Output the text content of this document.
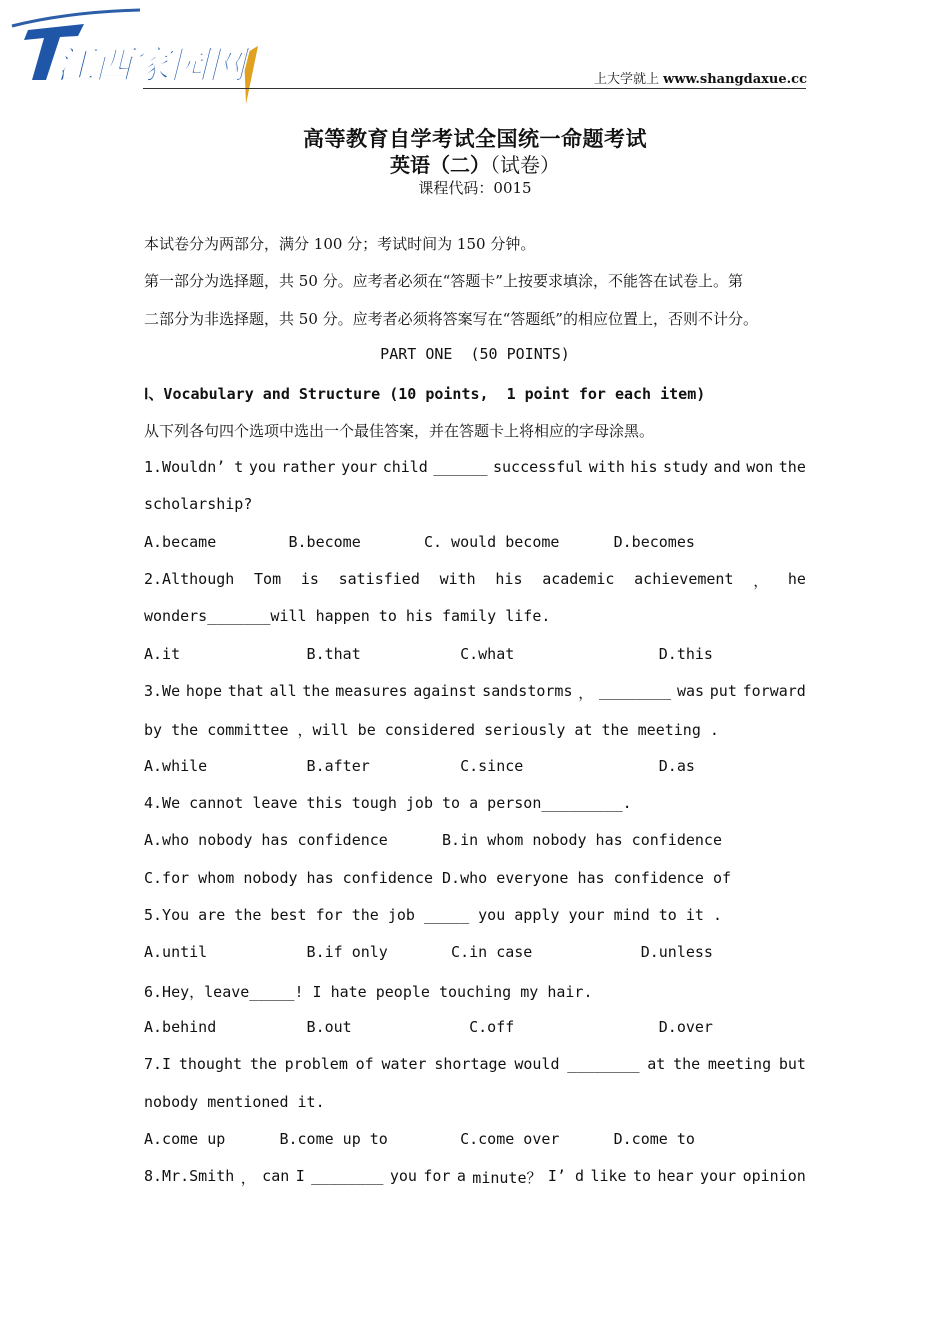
江西家园网	上大学就上 www.shangdaxue.cc
高等教育自学考试全国统一命题考试
英语（二）（试卷）
课程代码：0015
本试卷分为两部分，满分 100 分；考试时间为 150 分钟。
第一部分为选择题，共 50 分。应考者必须在“答题卡”上按要求填涂，不能答在试卷上。第
二部分为非选择题，共 50 分。应考者必须将答案写在“答题纸”的相应位置上，否则不计分。
PART ONE  (50 POINTS)
Ⅰ、Vocabulary and Structure (10 points,  1 point for each item)
从下列各句四个选项中选出一个最佳答案，并在答题卡上将相应的字母涂黑。
1.Wouldn’ t you rather your child ______ successful with his study and won the
scholarship?
A.became        B.become       C. would become      D.becomes
2.Although Tom is satisfied with his academic achievement ， he
wonders_______will happen to his family life.
A.it              B.that           C.what                D.this
3.We hope that all the measures against sandstorms ， ________ was put forward
by the committee ，will be considered seriously at the meeting .
A.while           B.after          C.since               D.as
4.We cannot leave this tough job to a person_________.
A.who nobody has confidence      B.in whom nobody has confidence
C.for whom nobody has confidence D.who everyone has confidence of
5.You are the best for the job _____ you apply your mind to it .
A.until           B.if only       C.in case            D.unless
6.Hey，leave_____! I hate people touching my hair.
A.behind          B.out             C.off                D.over
7.I thought the problem of water shortage would ________ at the meeting but
nobody mentioned it.
A.come up      B.come up to        C.come over      D.come to
8.Mr.Smith ， can I ________ you for a minute？ I’ d like to hear your opinion
